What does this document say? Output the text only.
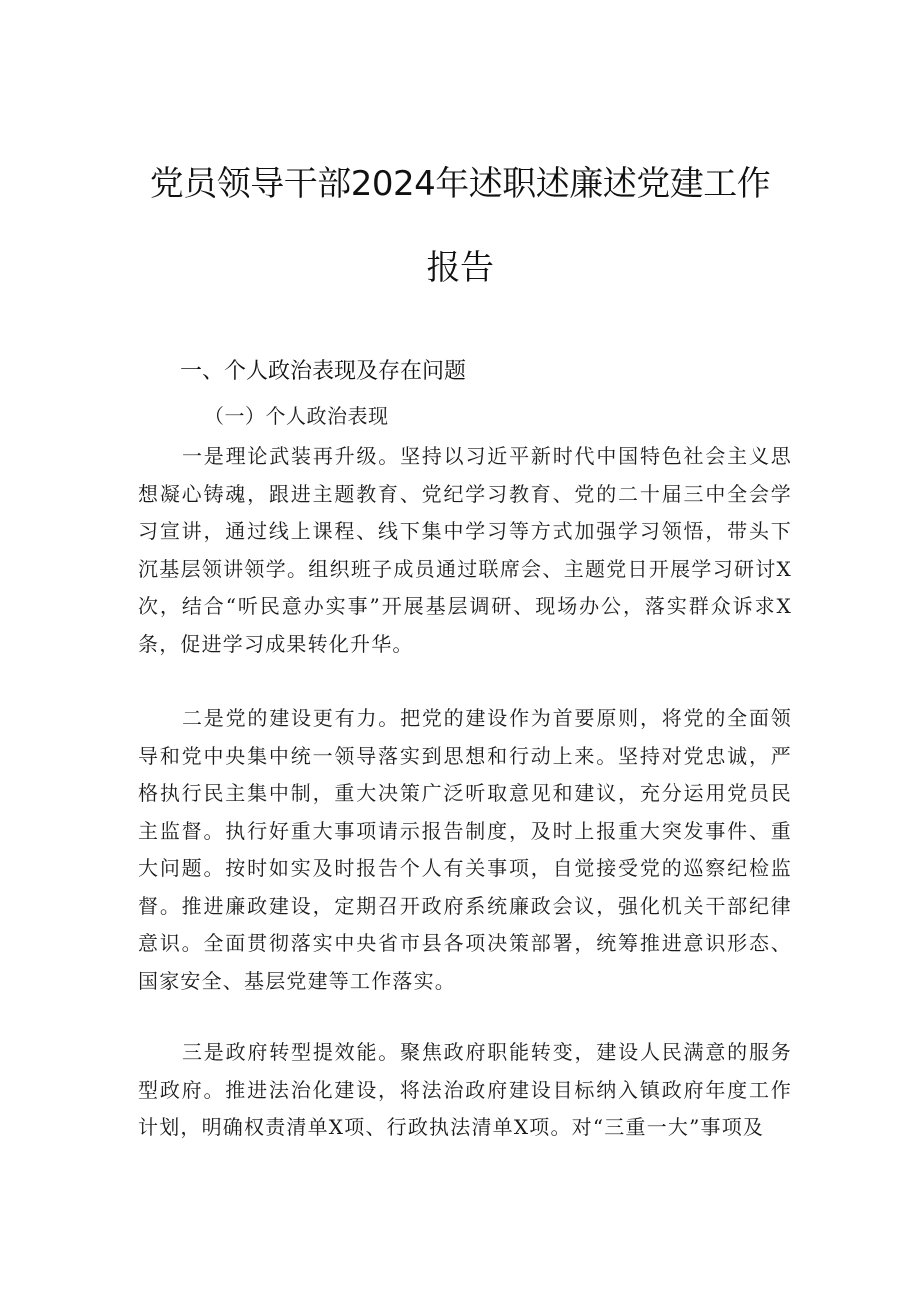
党员领导干部2024年述职述廉述党建工作
报告
一、个人政治表现及存在问题
（一）个人政治表现

一是理论武装再升级。坚持以习近平新时代中国特色社会主义思想凝心铸魂，跟进主题教育、党纪学习教育、党的二十届三中全会学习宣讲，通过线上课程、线下集中学习等方式加强学习领悟，带头下沉基层领讲领学。组织班子成员通过联席会、主题党日开展学习研讨X次，结合“听民意办实事”开展基层调研、现场办公，落实群众诉求X条，促进学习成果转化升华。

二是党的建设更有力。把党的建设作为首要原则，将党的全面领导和党中央集中统一领导落实到思想和行动上来。坚持对党忠诚，严格执行民主集中制，重大决策广泛听取意见和建议，充分运用党员民主监督。执行好重大事项请示报告制度，及时上报重大突发事件、重大问题。按时如实及时报告个人有关事项，自觉接受党的巡察纪检监督。推进廉政建设，定期召开政府系统廉政会议，强化机关干部纪律意识。全面贯彻落实中央省市县各项决策部署，统筹推进意识形态、国家安全、基层党建等工作落实。

三是政府转型提效能。聚焦政府职能转变，建设人民满意的服务型政府。推进法治化建设，将法治政府建设目标纳入镇政府年度工作计划，明确权责清单X项、行政执法清单X项。对“三重一大”事项及
